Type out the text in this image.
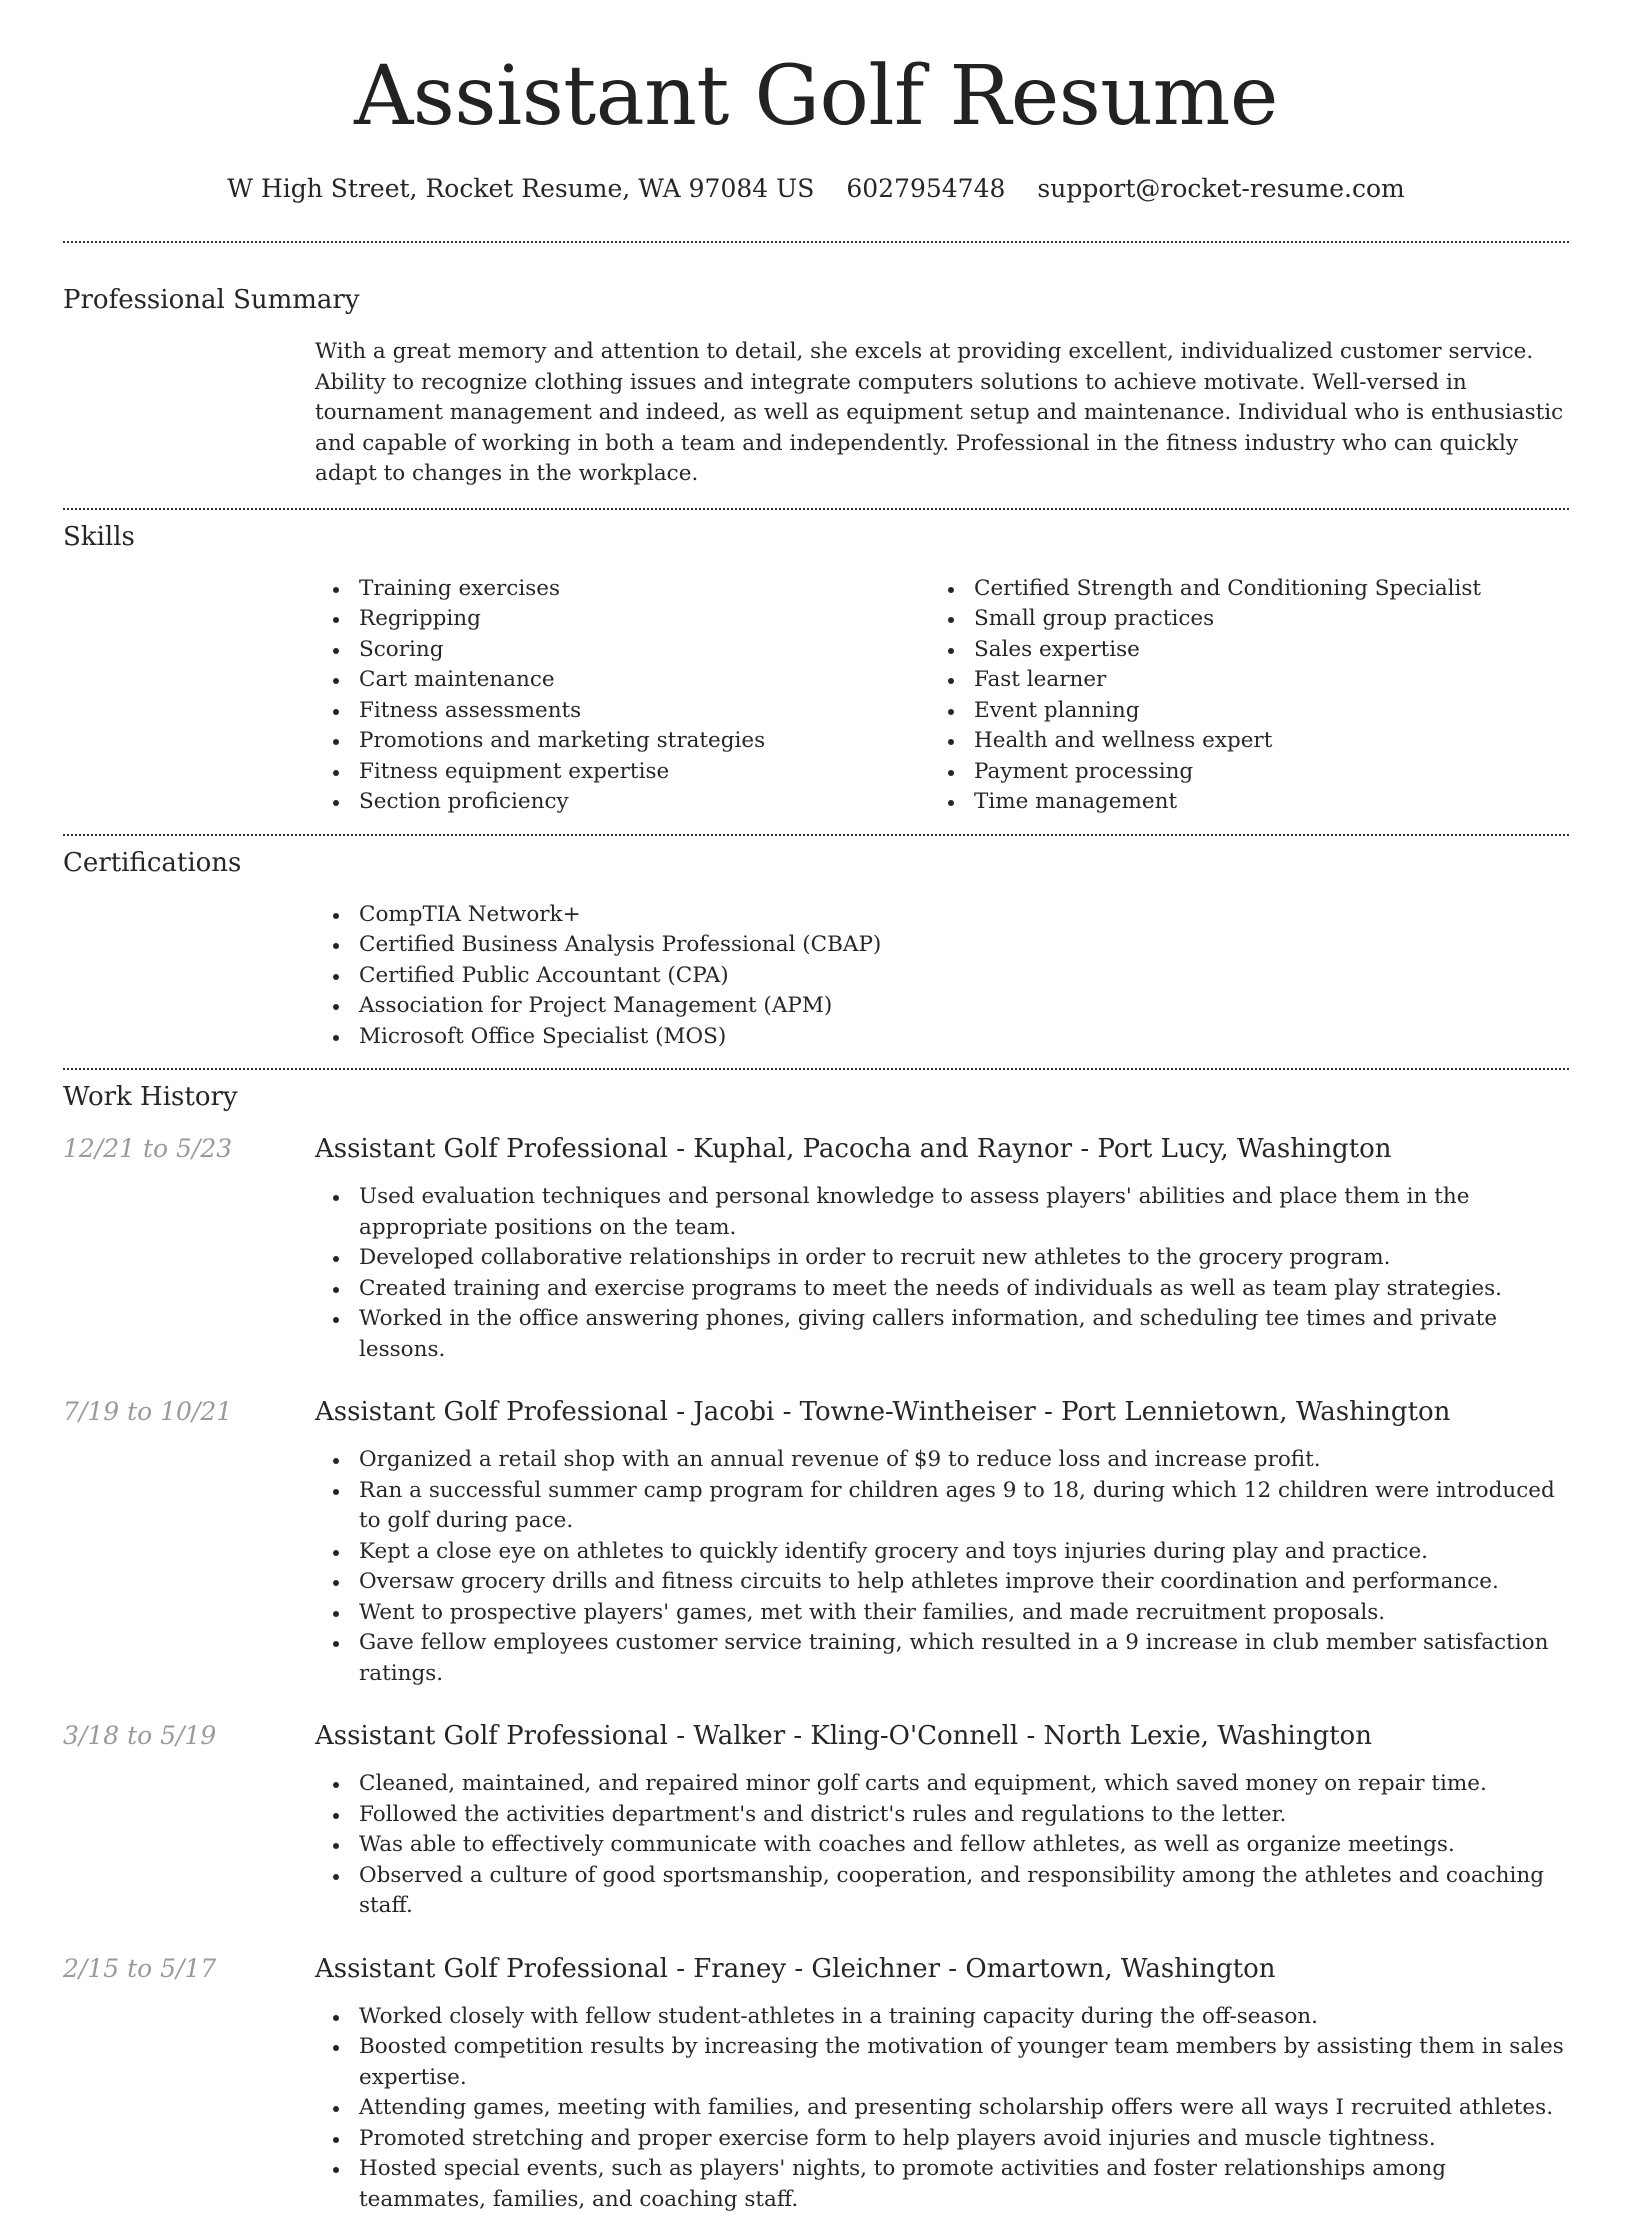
Assistant Golf Resume
W High Street, Rocket Resume, WA 97084 US 6027954748 support@rocket-resume.com
Professional Summary

With a great memory and attention to detail, she excels at providing excellent, individualized customer service. Ability to recognize clothing issues and integrate computers solutions to achieve motivate. Well-versed in tournament management and indeed, as well as equipment setup and maintenance. Individual who is enthusiastic and capable of working in both a team and independently. Professional in the fitness industry who can quickly adapt to changes in the workplace.

Skills
Training exercises
Regripping
Scoring
Cart maintenance
Fitness assessments
Promotions and marketing strategies
Fitness equipment expertise
Section proficiency
Certified Strength and Conditioning Specialist
Small group practices
Sales expertise
Fast learner
Event planning
Health and wellness expert
Payment processing
Time management
Certifications
CompTIA Network+
Certified Business Analysis Professional (CBAP)
Certified Public Accountant (CPA)
Association for Project Management (APM)
Microsoft Office Specialist (MOS)
Work History
12/21 to 5/23	Assistant Golf Professional - Kuphal, Pacocha and Raynor - Port Lucy, Washington
Used evaluation techniques and personal knowledge to assess players' abilities and place them in the appropriate positions on the team.
Developed collaborative relationships in order to recruit new athletes to the grocery program.
Created training and exercise programs to meet the needs of individuals as well as team play strategies.
Worked in the office answering phones, giving callers information, and scheduling tee times and private lessons.
7/19 to 10/21	Assistant Golf Professional - Jacobi - Towne-Wintheiser - Port Lennietown, Washington
Organized a retail shop with an annual revenue of $9 to reduce loss and increase profit.
Ran a successful summer camp program for children ages 9 to 18, during which 12 children were introduced to golf during pace.
Kept a close eye on athletes to quickly identify grocery and toys injuries during play and practice.
Oversaw grocery drills and fitness circuits to help athletes improve their coordination and performance.
Went to prospective players' games, met with their families, and made recruitment proposals.
Gave fellow employees customer service training, which resulted in a 9 increase in club member satisfaction ratings.
3/18 to 5/19	Assistant Golf Professional - Walker - Kling-O'Connell - North Lexie, Washington
Cleaned, maintained, and repaired minor golf carts and equipment, which saved money on repair time.
Followed the activities department's and district's rules and regulations to the letter.
Was able to effectively communicate with coaches and fellow athletes, as well as organize meetings.
Observed a culture of good sportsmanship, cooperation, and responsibility among the athletes and coaching staff.
2/15 to 5/17	Assistant Golf Professional - Franey - Gleichner - Omartown, Washington
Worked closely with fellow student-athletes in a training capacity during the off-season.
Boosted competition results by increasing the motivation of younger team members by assisting them in sales expertise.
Attending games, meeting with families, and presenting scholarship offers were all ways I recruited athletes.
Promoted stretching and proper exercise form to help players avoid injuries and muscle tightness.
Hosted special events, such as players' nights, to promote activities and foster relationships among teammates, families, and coaching staff.
